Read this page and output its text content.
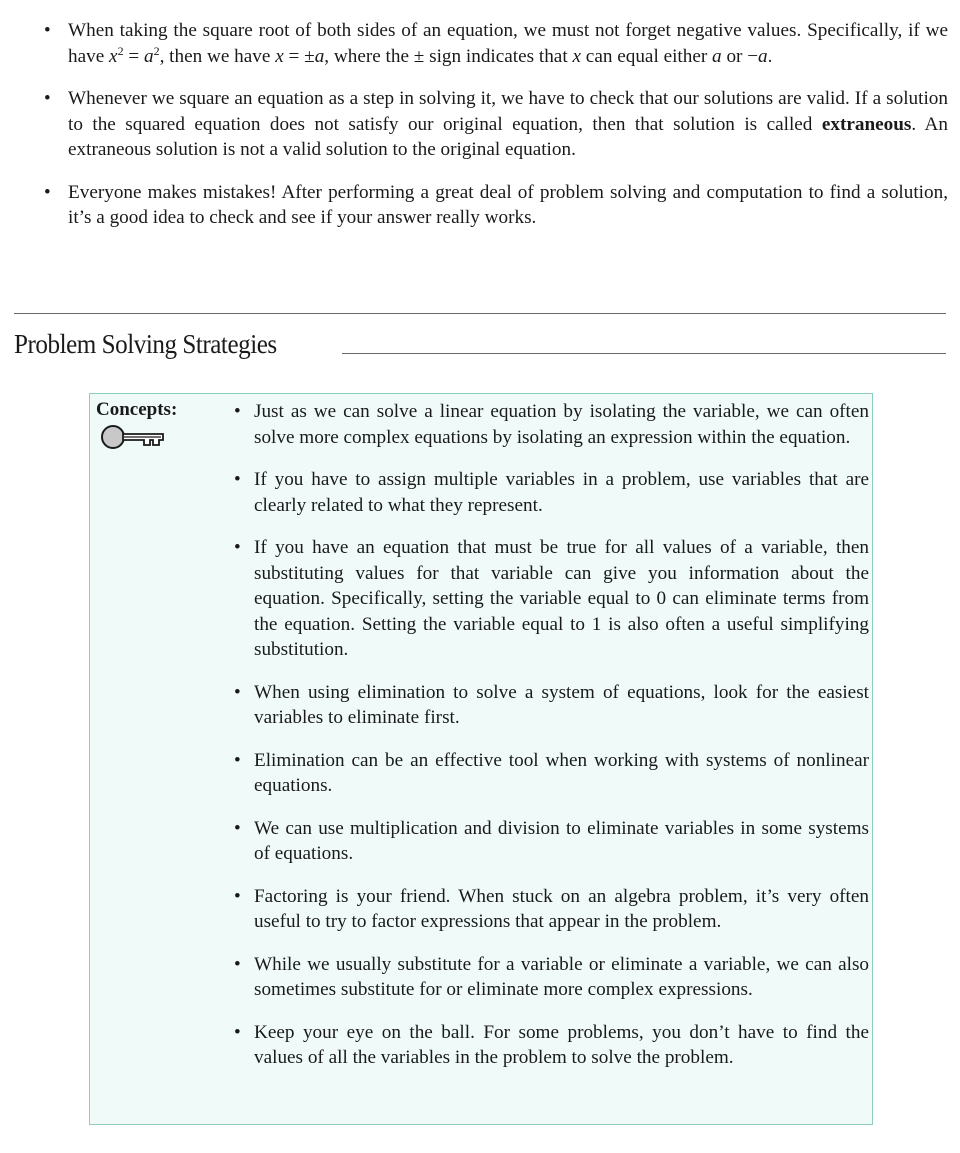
• When taking the square root of both sides of an equation, we must not forget negative values. Specifically, if we have $x^2 = a^2$, then we have x = ±a, where the ± sign indicates that x can equal either a or −a.
• Whenever we square an equation as a step in solving it, we have to check that our solutions are valid. If a solution to the squared equation does not satisfy our original equation, then that solution is called extraneous. An extraneous solution is not a valid solution to the original equation.
• Everyone makes mistakes! After performing a great deal of problem solving and computation to find a solution, it’s a good idea to check and see if your answer really works.
Problem Solving Strategies
Concepts:	• Just as we can solve a linear equation by isolating the variable, we can often solve more complex equations by isolating an expression within the equation.
• If you have to assign multiple variables in a problem, use variables that are clearly related to what they represent.
• If you have an equation that must be true for all values of a variable, then substituting values for that variable can give you information about the equation. Specifically, setting the variable equal to 0 can eliminate terms from the equation. Setting the variable equal to 1 is also often a useful simplifying substitution.
• When using elimination to solve a system of equations, look for the easiest variables to eliminate first.
• Elimination can be an effective tool when working with systems of nonlinear equations.
• We can use multiplication and division to eliminate variables in some systems of equations.
• Factoring is your friend. When stuck on an algebra problem, it’s very often useful to try to factor expressions that appear in the problem.
• While we usually substitute for a variable or eliminate a variable, we can also sometimes substitute for or eliminate more complex expressions.
• Keep your eye on the ball. For some problems, you don’t have to find the values of all the variables in the problem to solve the problem.
